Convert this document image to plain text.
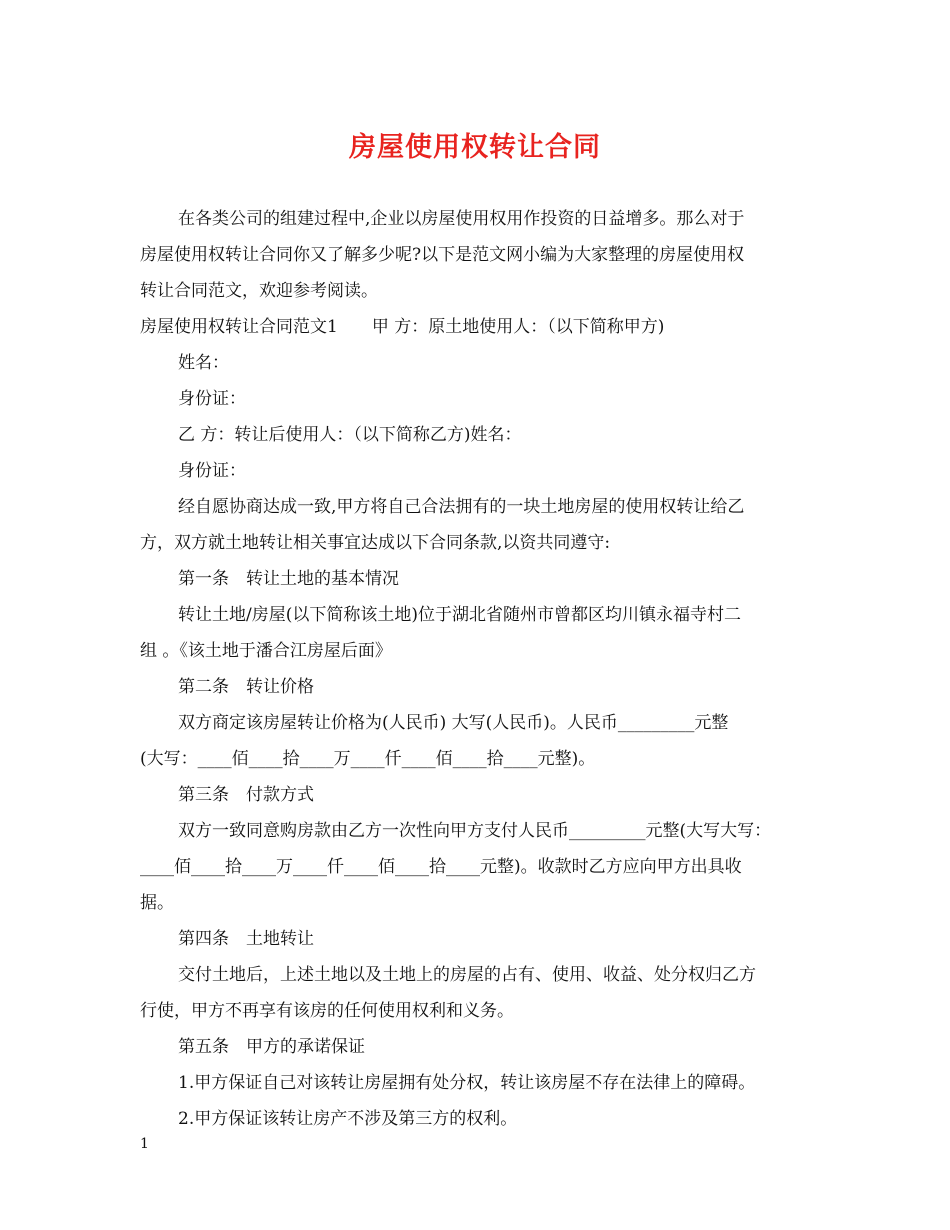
房屋使用权转让合同
在各类公司的组建过程中,企业以房屋使用权用作投资的日益增多。那么对于
房屋使用权转让合同你又了解多少呢?以下是范文网小编为大家整理的房屋使用权
转让合同范文，欢迎参考阅读。
房屋使用权转让合同范文1　　甲 方：原土地使用人：（以下简称甲方)
姓名：
身份证：
乙 方：转让后使用人：（以下简称乙方)姓名：
身份证：
经自愿协商达成一致,甲方将自己合法拥有的一块土地房屋的使用权转让给乙
方，双方就土地转让相关事宜达成以下合同条款,以资共同遵守:
第一条　转让土地的基本情况
转让土地/房屋(以下简称该土地)位于湖北省随州市曾都区均川镇永福寺村二
组 。《该土地于潘合江房屋后面》
第二条　转让价格
双方商定该房屋转让价格为(人民币) 大写(人民币)。人民币_________元整
(大写：____佰____拾____万____仟____佰____拾____元整)。
第三条　付款方式
双方一致同意购房款由乙方一次性向甲方支付人民币_________元整(大写大写：
____佰____拾____万____仟____佰____拾____元整)。收款时乙方应向甲方出具收
据。
第四条　土地转让
交付土地后，上述土地以及土地上的房屋的占有、使用、收益、处分权归乙方
行使，甲方不再享有该房的任何使用权利和义务。
第五条　甲方的承诺保证
1.甲方保证自己对该转让房屋拥有处分权，转让该房屋不存在法律上的障碍。
2.甲方保证该转让房产不涉及第三方的权利。
1
